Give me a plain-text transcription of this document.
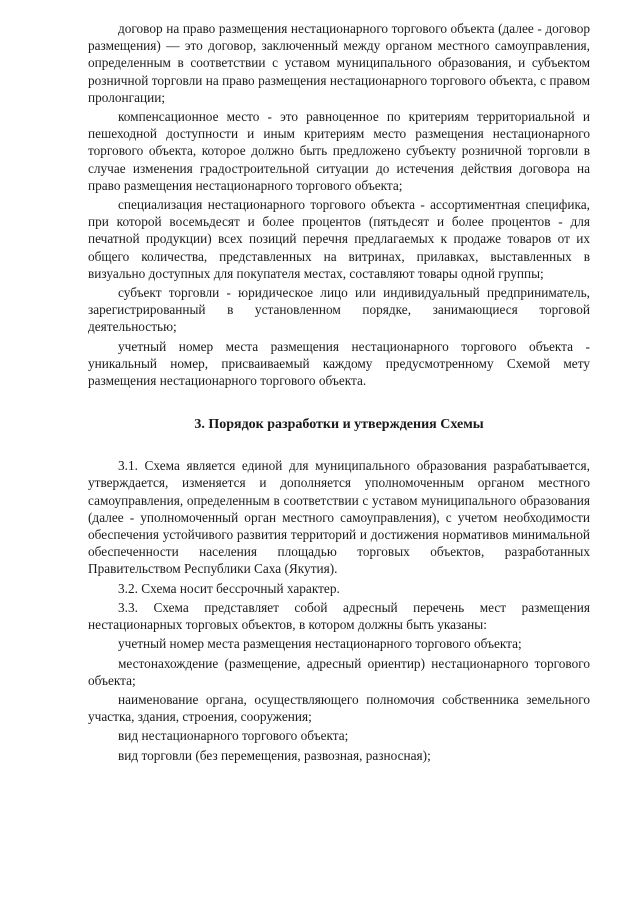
договор на право размещения нестационарного торгового объекта (далее - договор размещения) — это договор, заключенный между органом местного самоуправления, определенным в соответствии с уставом муниципального образования, и субъектом розничной торговли на право размещения нестационарного торгового объекта, с правом пролонгации;

компенсационное место - это равноценное по критериям территориальной и пешеходной доступности и иным критериям место размещения нестационарного торгового объекта, которое должно быть предложено субъекту розничной торговли в случае изменения градостроительной ситуации до истечения действия договора на право размещения нестационарного торгового объекта;

специализация нестационарного торгового объекта - ассортиментная специфика, при которой восемьдесят и более процентов (пятьдесят и более процентов - для печатной продукции) всех позиций перечня предлагаемых к продаже товаров от их общего количества, представленных на витринах, прилавках, выставленных в визуально доступных для покупателя местах, составляют товары одной группы;

субъект торговли - юридическое лицо или индивидуальный предприниматель, зарегистрированный в установленном порядке, занимающиеся торговой деятельностью;

учетный номер места размещения нестационарного торгового объекта - уникальный номер, присваиваемый каждому предусмотренному Схемой мету размещения нестационарного торгового объекта.

3. Порядок разработки и утверждения Схемы

3.1. Схема является единой для муниципального образования разрабатывается, утверждается, изменяется и дополняется уполномоченным органом местного самоуправления, определенным в соответствии с уставом муниципального образования (далее - уполномоченный орган местного самоуправления), с учетом необходимости обеспечения устойчивого развития территорий и достижения нормативов минимальной обеспеченности населения площадью торговых объектов, разработанных Правительством Республики Саха (Якутия).

3.2. Схема носит бессрочный характер.

3.3. Схема представляет собой адресный перечень мест размещения нестационарных торговых объектов, в котором должны быть указаны:

учетный номер места размещения нестационарного торгового объекта;

местонахождение (размещение, адресный ориентир) нестационарного торгового объекта;

наименование органа, осуществляющего полномочия собственника земельного участка, здания, строения, сооружения;

вид нестационарного торгового объекта;

вид торговли (без перемещения, развозная, разносная);
